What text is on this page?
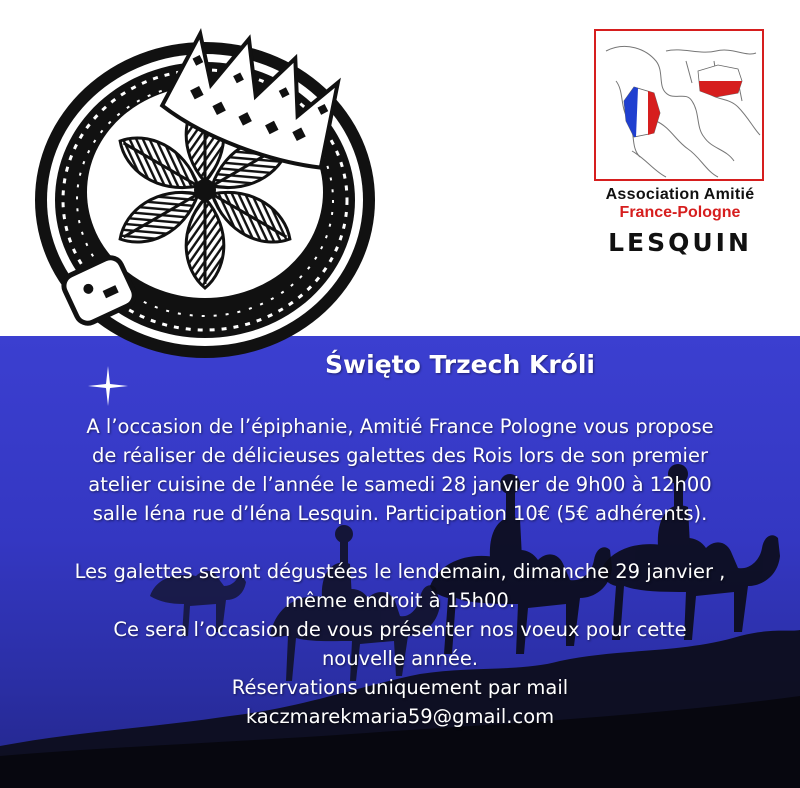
Association Amitié
France-Pologne
LESQUIN
Święto Trzech Króli
A l’occasion de l’épiphanie, Amitié France Pologne vous propose
de réaliser de délicieuses galettes des Rois lors de son premier
atelier cuisine de l’année le samedi 28 janvier de 9h00 à 12h00
salle Iéna rue d’Iéna Lesquin. Participation 10€ (5€ adhérents).
Les galettes seront dégustées le lendemain, dimanche 29 janvier ,
même endroit à 15h00.
Ce sera l’occasion de vous présenter nos voeux pour cette
nouvelle année.
Réservations uniquement par mail
kaczmarekmaria59@gmail.com
